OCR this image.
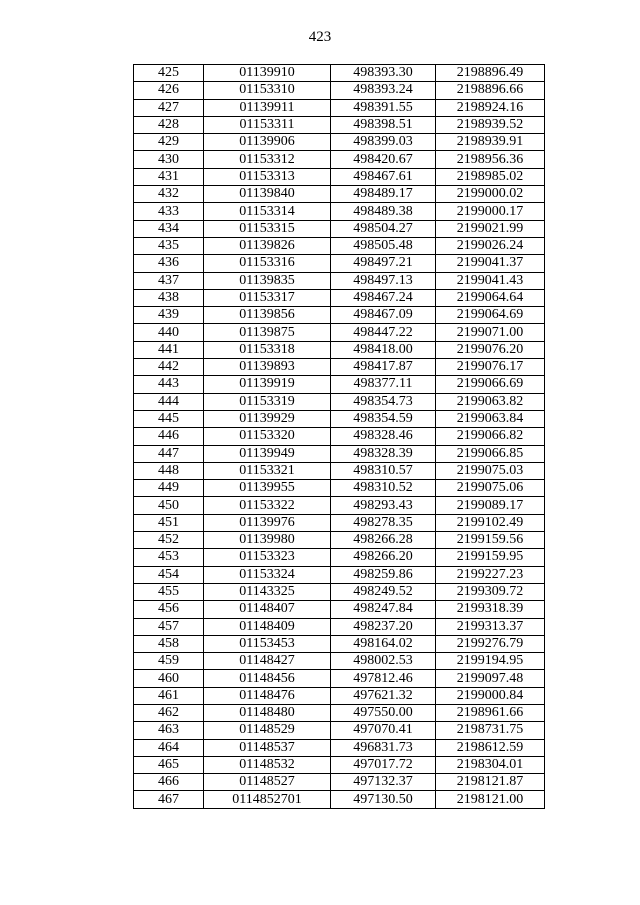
423
425	01139910	498393.30	2198896.49
426	01153310	498393.24	2198896.66
427	01139911	498391.55	2198924.16
428	01153311	498398.51	2198939.52
429	01139906	498399.03	2198939.91
430	01153312	498420.67	2198956.36
431	01153313	498467.61	2198985.02
432	01139840	498489.17	2199000.02
433	01153314	498489.38	2199000.17
434	01153315	498504.27	2199021.99
435	01139826	498505.48	2199026.24
436	01153316	498497.21	2199041.37
437	01139835	498497.13	2199041.43
438	01153317	498467.24	2199064.64
439	01139856	498467.09	2199064.69
440	01139875	498447.22	2199071.00
441	01153318	498418.00	2199076.20
442	01139893	498417.87	2199076.17
443	01139919	498377.11	2199066.69
444	01153319	498354.73	2199063.82
445	01139929	498354.59	2199063.84
446	01153320	498328.46	2199066.82
447	01139949	498328.39	2199066.85
448	01153321	498310.57	2199075.03
449	01139955	498310.52	2199075.06
450	01153322	498293.43	2199089.17
451	01139976	498278.35	2199102.49
452	01139980	498266.28	2199159.56
453	01153323	498266.20	2199159.95
454	01153324	498259.86	2199227.23
455	01143325	498249.52	2199309.72
456	01148407	498247.84	2199318.39
457	01148409	498237.20	2199313.37
458	01153453	498164.02	2199276.79
459	01148427	498002.53	2199194.95
460	01148456	497812.46	2199097.48
461	01148476	497621.32	2199000.84
462	01148480	497550.00	2198961.66
463	01148529	497070.41	2198731.75
464	01148537	496831.73	2198612.59
465	01148532	497017.72	2198304.01
466	01148527	497132.37	2198121.87
467	0114852701	497130.50	2198121.00
